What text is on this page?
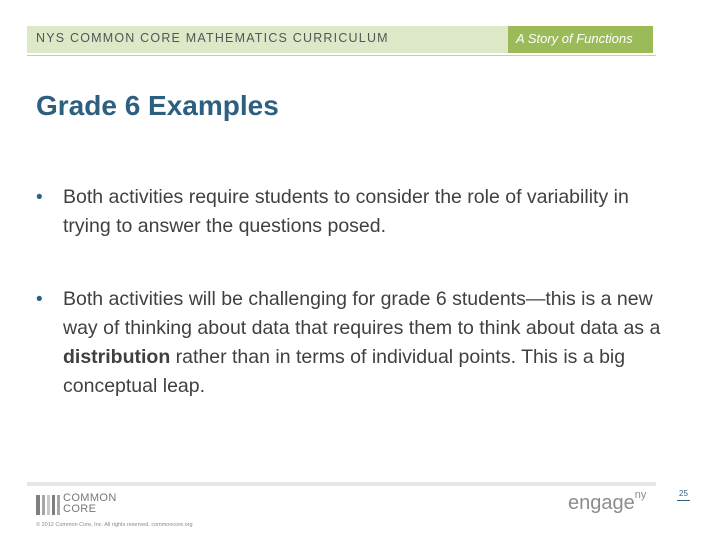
NYS COMMON CORE MATHEMATICS CURRICULUM	A Story of Functions
Grade 6 Examples
• Both activities require students to consider the role of variability in trying to answer the questions posed.
• Both activities will be challenging for grade 6 students—this is a new way of thinking about data that requires them to think about data as a distribution rather than in terms of individual points. This is a big conceptual leap.
COMMON
CORE
© 2012 Common Core, Inc. All rights reserved. commoncore.org
engage$^{ny}$	25
